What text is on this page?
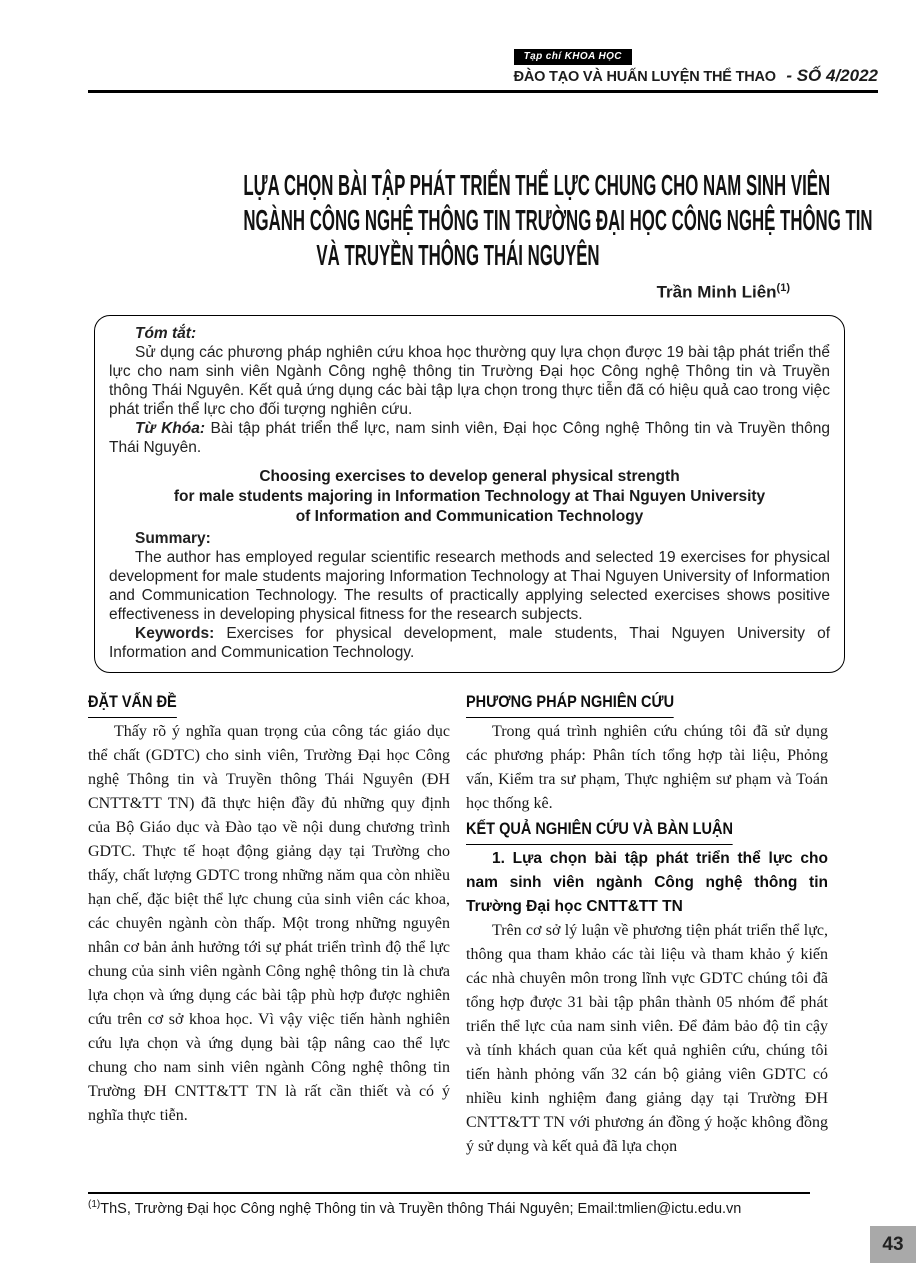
Tạp chí KHOA HỌC
ĐÀO TẠO VÀ HUẤN LUYỆN THỂ THAO - SỐ 4/2022
LỰA CHỌN BÀI TẬP PHÁT TRIỂN THỂ LỰC CHUNG CHO NAM SINH VIÊN
NGÀNH CÔNG NGHỆ THÔNG TIN TRƯỜNG ĐẠI HỌC CÔNG NGHỆ THÔNG TIN
VÀ TRUYỀN THÔNG THÁI NGUYÊN
Trần Minh Liên$^{(1)}$

Tóm tắt:

Sử dụng các phương pháp nghiên cứu khoa học thường quy lựa chọn được 19 bài tập phát triển thể lực cho nam sinh viên Ngành Công nghệ thông tin Trường Đại học Công nghệ Thông tin và Truyền thông Thái Nguyên. Kết quả ứng dụng các bài tập lựa chọn trong thực tiễn đã có hiệu quả cao trong việc phát triển thể lực cho đối tượng nghiên cứu.

Từ Khóa: Bài tập phát triển thể lực, nam sinh viên, Đại học Công nghệ Thông tin và Truyền thông Thái Nguyên.

Choosing exercises to develop general physical strength
for male students majoring in Information Technology at Thai Nguyen University
of Information and Communication Technology

Summary:

The author has employed regular scientific research methods and selected 19 exercises for physical development for male students majoring Information Technology at Thai Nguyen University of Information and Communication Technology. The results of practically applying selected exercises shows positive effectiveness in developing physical fitness for the research subjects.

Keywords: Exercises for physical development, male students, Thai Nguyen University of Information and Communication Technology.

ĐẶT VẤN ĐỀ

Thấy rõ ý nghĩa quan trọng của công tác giáo dục thể chất (GDTC) cho sinh viên, Trường Đại học Công nghệ Thông tin và Truyền thông Thái Nguyên (ĐH CNTT&TT TN) đã thực hiện đầy đủ những quy định của Bộ Giáo dục và Đào tạo về nội dung chương trình GDTC. Thực tế hoạt động giảng dạy tại Trường cho thấy, chất lượng GDTC trong những năm qua còn nhiều hạn chế, đặc biệt thể lực chung của sinh viên các khoa, các chuyên ngành còn thấp. Một trong những nguyên nhân cơ bản ảnh hưởng tới sự phát triển trình độ thể lực chung của sinh viên ngành Công nghệ thông tin là chưa lựa chọn và ứng dụng các bài tập phù hợp được nghiên cứu trên cơ sở khoa học. Vì vậy việc tiến hành nghiên cứu lựa chọn và ứng dụng bài tập nâng cao thể lực chung cho nam sinh viên ngành Công nghệ thông tin Trường ĐH CNTT&TT TN là rất cần thiết và có ý nghĩa thực tiễn.

PHƯƠNG PHÁP NGHIÊN CỨU

Trong quá trình nghiên cứu chúng tôi đã sử dụng các phương pháp: Phân tích tổng hợp tài liệu, Phỏng vấn, Kiểm tra sư phạm, Thực nghiệm sư phạm và Toán học thống kê.

KẾT QUẢ NGHIÊN CỨU VÀ BÀN LUẬN

1. Lựa chọn bài tập phát triển thể lực cho nam sinh viên ngành Công nghệ thông tin Trường Đại học CNTT&TT TN

Trên cơ sở lý luận về phương tiện phát triển thể lực, thông qua tham khảo các tài liệu và tham khảo ý kiến các nhà chuyên môn trong lĩnh vực GDTC chúng tôi đã tổng hợp được 31 bài tập phân thành 05 nhóm để phát triển thể lực của nam sinh viên. Để đảm bảo độ tin cậy và tính khách quan của kết quả nghiên cứu, chúng tôi tiến hành phỏng vấn 32 cán bộ giảng viên GDTC có nhiều kinh nghiệm đang giảng dạy tại Trường ĐH CNTT&TT TN với phương án đồng ý hoặc không đồng ý sử dụng và kết quả đã lựa chọn

$^{(1)}$ThS, Trường Đại học Công nghệ Thông tin và Truyền thông Thái Nguyên; Email:tmlien@ictu.edu.vn
43
